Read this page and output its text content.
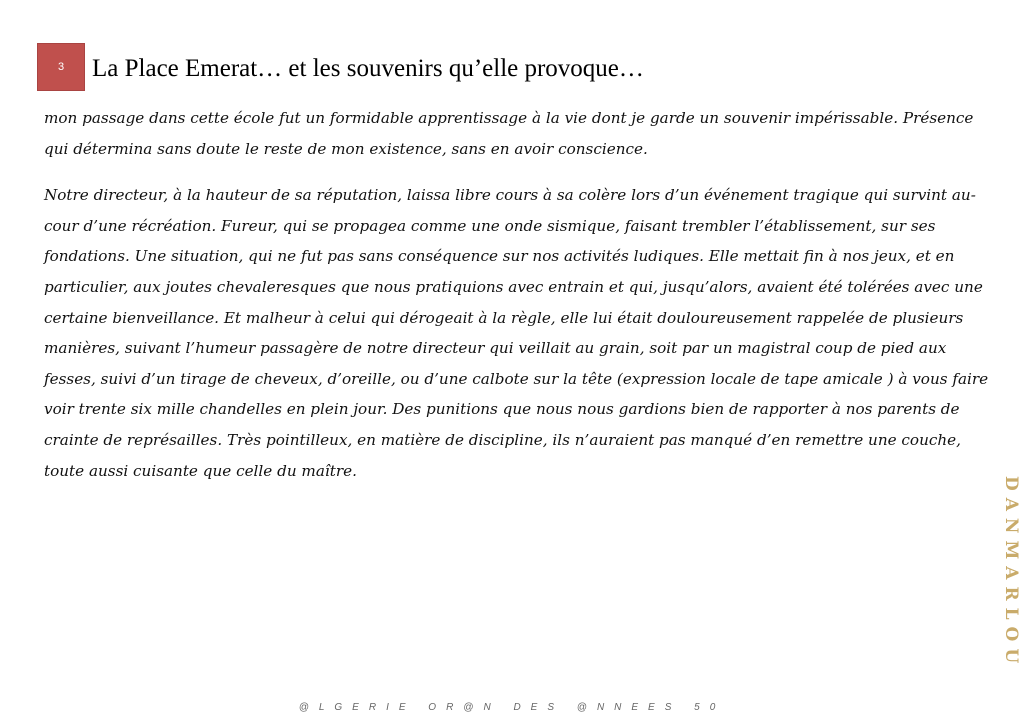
3 La Place Emerat… et les souvenirs qu’elle provoque…

mon passage dans cette école fut un formidable apprentissage à la vie dont je garde un souvenir impérissable. Présence qui détermina sans doute le reste de mon existence, sans en avoir conscience.

Notre directeur, à la hauteur de sa réputation, laissa libre cours à sa colère lors d’un événement tragique qui survint au-cour d’une récréation. Fureur, qui se propagea comme une onde sismique, faisant trembler l’établissement, sur ses fondations. Une situation, qui ne fut pas sans conséquence sur nos activités ludiques. Elle mettait fin à nos jeux, et en particulier, aux joutes chevaleresques que nous pratiquions avec entrain et qui, jusqu’alors, avaient été tolérées avec une certaine bienveillance. Et malheur à celui qui dérogeait à la règle, elle lui était douloureusement rappelée de plusieurs manières, suivant l’humeur passagère de notre directeur qui veillait au grain, soit par un magistral coup de pied aux fesses, suivi d’un tirage de cheveux, d’oreille, ou d’une calbote sur la tête (expression locale de tape amicale ) à vous faire voir trente six mille chandelles en plein jour. Des punitions que nous nous gardions bien de rapporter à nos parents de crainte de représailles. Très pointilleux, en matière de discipline, ils n’auraient pas manqué d’en remettre une couche, toute aussi cuisante que celle du maître.

DANMARLOU
@LGERIE OR@N DES @NNEES 50
